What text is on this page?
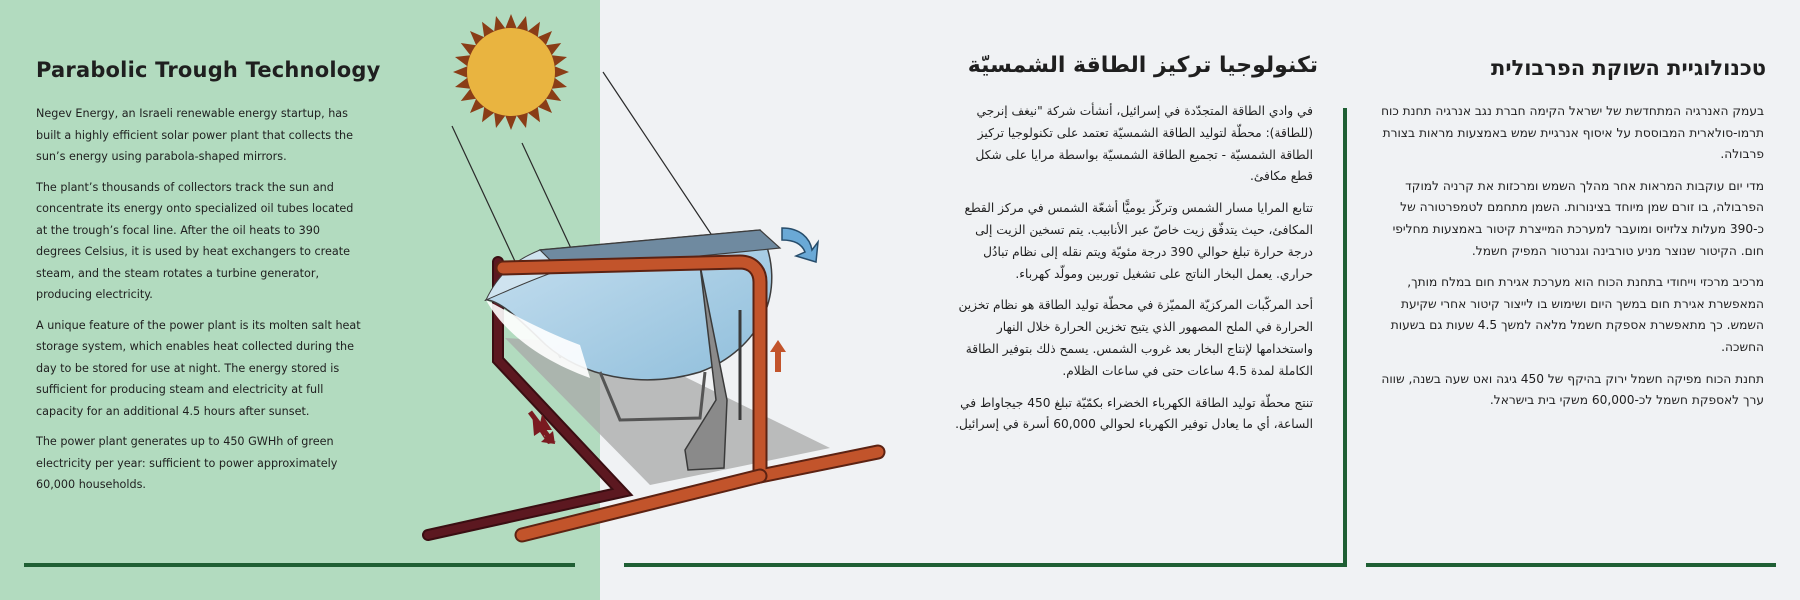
Parabolic Trough Technology

Negev Energy, an Israeli renewable energy startup, has built a highly efficient solar power plant that collects the sun’s energy using parabola-shaped mirrors.

The plant’s thousands of collectors track the sun and concentrate its energy onto specialized oil tubes located at the trough’s focal line. After the oil heats to 390 degrees Celsius, it is used by heat exchangers to create steam, and the steam rotates a turbine generator, producing electricity.

A unique feature of the power plant is its molten salt heat storage system, which enables heat collected during the day to be stored for use at night. The energy stored is sufficient for producing steam and electricity at full capacity for an additional 4.5 hours after sunset.

The power plant generates up to 450 GWHh of green electricity per year: sufficient to power approximately 60,000 households.

تكنولوجيا تركيز الطاقة الشمسيّة

في وادي الطاقة المتجدّدة في إسرائيل، أنشأت شركة "نيغف إنرجي (للطاقة): محطّة لتوليد الطاقة الشمسيّة تعتمد على تكنولوجيا تركيز الطاقة الشمسيّة - تجميع الطاقة الشمسيّة بواسطة مرايا على شكل قطع مكافئ.

تتابع المرايا مسار الشمس وتركّز يوميًّا أشعّة الشمس في مركز القطع المكافئ، حيث يتدفّق زيت خاصّ عبر الأنابيب. يتم تسخين الزيت إلى درجة حرارة تبلغ حوالي 390 درجة مئويّة ويتم نقله إلى نظام تبادُل حراري. يعمل البخار الناتج على تشغيل توربين ومولّد كهرباء.

أحد المركّبات المركزيّة المميّزة في محطّة توليد الطاقة هو نظام تخزين الحرارة في الملح المصهور الذي يتيح تخزين الحرارة خلال النهار واستخدامها لإنتاج البخار بعد غروب الشمس. يسمح ذلك بتوفير الطاقة الكاملة لمدة 4.5 ساعات حتى في ساعات الظلام.

تنتج محطّة توليد الطاقة الكهرباء الخضراء بكمّيّة تبلغ 450 جيجاواط في الساعة، أي ما يعادل توفير الكهرباء لحوالي 60,000 أسرة في إسرائيل.

טכנולוגיית השוקת הפרבולית

בעמק האנרגיה המתחדשת של ישראל הקימה חברת נגב אנרגיה תחנת כוח תרמו-סולארית המבוססת על איסוף אנרגיית שמש באמצעות מראות בצורת פרבולה.

מדי יום עוקבות המראות אחר מהלך השמש ומרכזות את קרניה למוקד הפרבולה, בו זורם שמן מיוחד בצינורות. השמן מתחמם לטמפרטורה של כ-390 מעלות צלזיוס ומועבר למערכת המייצרת קיטור באמצעות מחליפי חום. הקיטור שנוצר מניע טורבינה וגנרטור המפיק חשמל.

מרכיב מרכזי וייחודי בתחנת הכוח הוא מערכת אגירת חום במלח מותך, המאפשרת אגירת חום במשך היום ושימוש בו לייצור קיטור אחרי שקיעת השמש. כך מתאפשרת אספקת חשמל מלאה למשך 4.5 שעות גם בשעות החשכה.

תחנת הכוח מפיקה חשמל ירוק בהיקף של 450 גיגה ואט שעה בשנה, שווה ערך לאספקת חשמל לכ-60,000 משקי בית בישראל.
